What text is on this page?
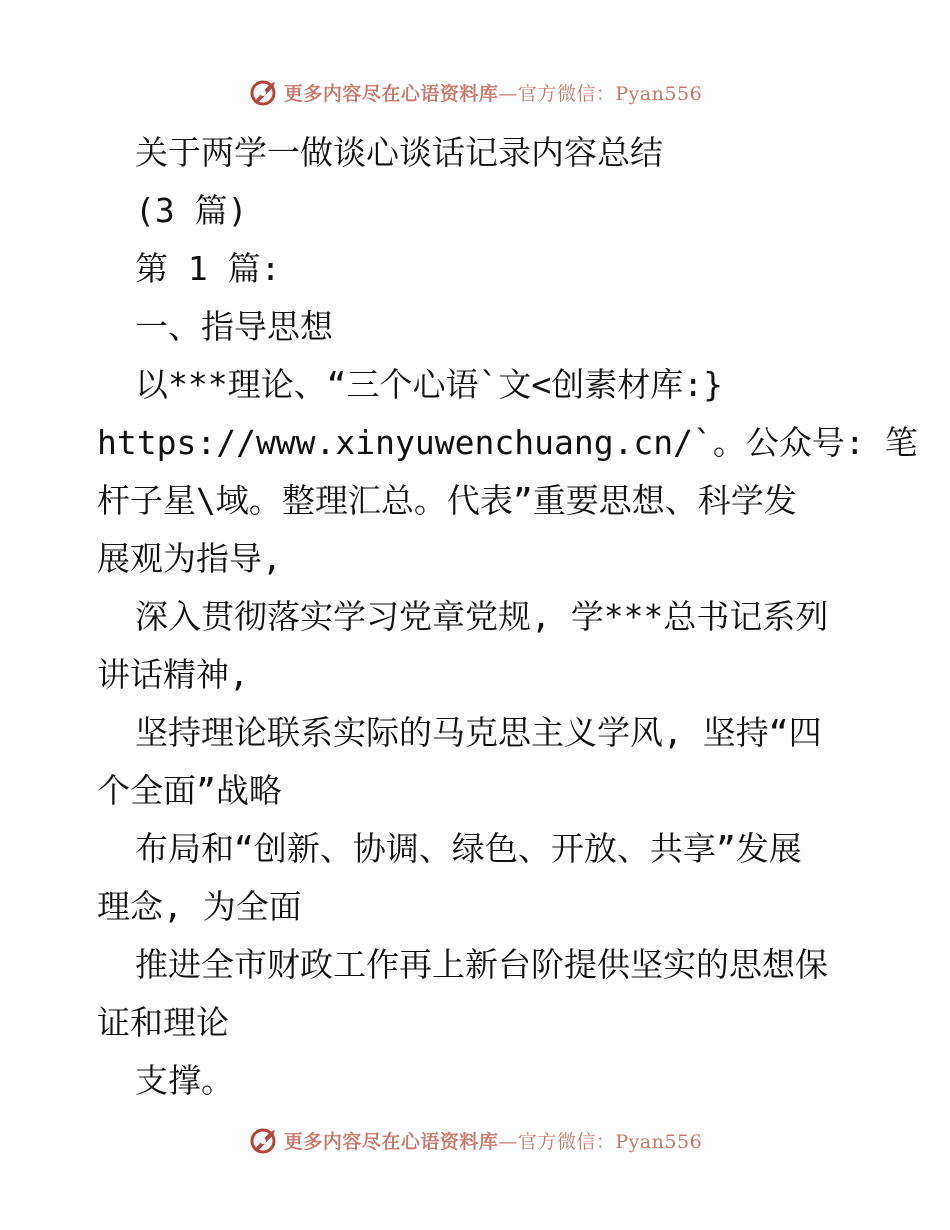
更多内容尽在心语资料库—官方微信：Pyan556
关于两学一做谈心谈话记录内容总结
(3 篇)
第 1 篇:
一、指导思想
以***理论、“三个心语`文<创素材库:}
https://www.xinyuwenchuang.cn/`。公众号: 笔
杆子星\域。整理汇总。代表”重要思想、科学发
展观为指导,
深入贯彻落实学习党章党规, 学***总书记系列
讲话精神,
坚持理论联系实际的马克思主义学风, 坚持“四
个全面”战略
布局和“创新、协调、绿色、开放、共享”发展
理念, 为全面
推进全市财政工作再上新台阶提供坚实的思想保
证和理论
支撑。
更多内容尽在心语资料库—官方微信：Pyan556
